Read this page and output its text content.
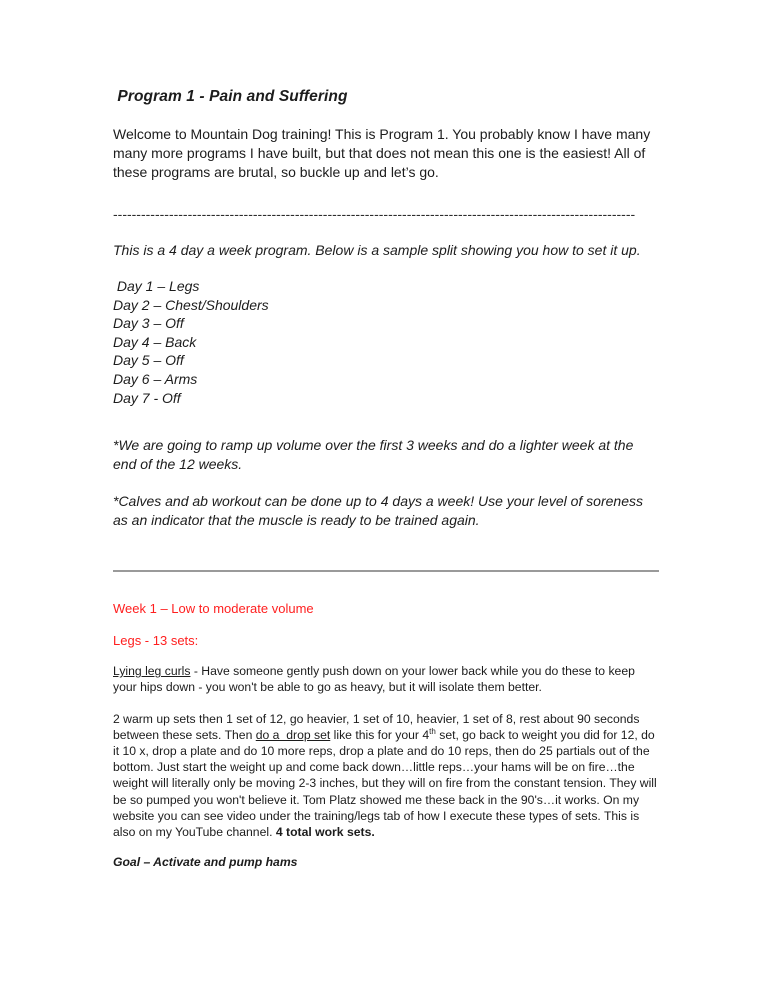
Program 1 - Pain and Suffering

Welcome to Mountain Dog training! This is Program 1. You probably know I have many many more programs I have built, but that does not mean this one is the easiest! All of these programs are brutal, so buckle up and let’s go.

----------------------------------------------------------------------------------------------------------------

This is a 4 day a week program. Below is a sample split showing you how to set it up.

Day 1 – Legs
Day 2 – Chest/Shoulders
Day 3 – Off
Day 4 – Back
Day 5 – Off
Day 6 – Arms
Day 7 - Off

*We are going to ramp up volume over the first 3 weeks and do a lighter week at the end of the 12 weeks.

*Calves and ab workout can be done up to 4 days a week! Use your level of soreness as an indicator that the muscle is ready to be trained again.

Week 1 – Low to moderate volume
Legs - 13 sets:

Lying leg curls - Have someone gently push down on your lower back while you do these to keep your hips down - you won't be able to go as heavy, but it will isolate them better.

2 warm up sets then 1 set of 12, go heavier, 1 set of 10, heavier, 1 set of 8, rest about 90 seconds between these sets. Then do a  drop set like this for your 4th set, go back to weight you did for 12, do it 10 x, drop a plate and do 10 more reps, drop a plate and do 10 reps, then do 25 partials out of the bottom. Just start the weight up and come back down…little reps…your hams will be on fire…the  weight will literally only be moving 2-3 inches, but they will on fire from the constant tension. They will be so pumped you won't believe it. Tom Platz showed me these back in the 90's…it works. On my website you can see video under the training/legs tab of how I execute these types of sets. This is also on my YouTube channel. 4 total work sets.

Goal – Activate and pump hams
